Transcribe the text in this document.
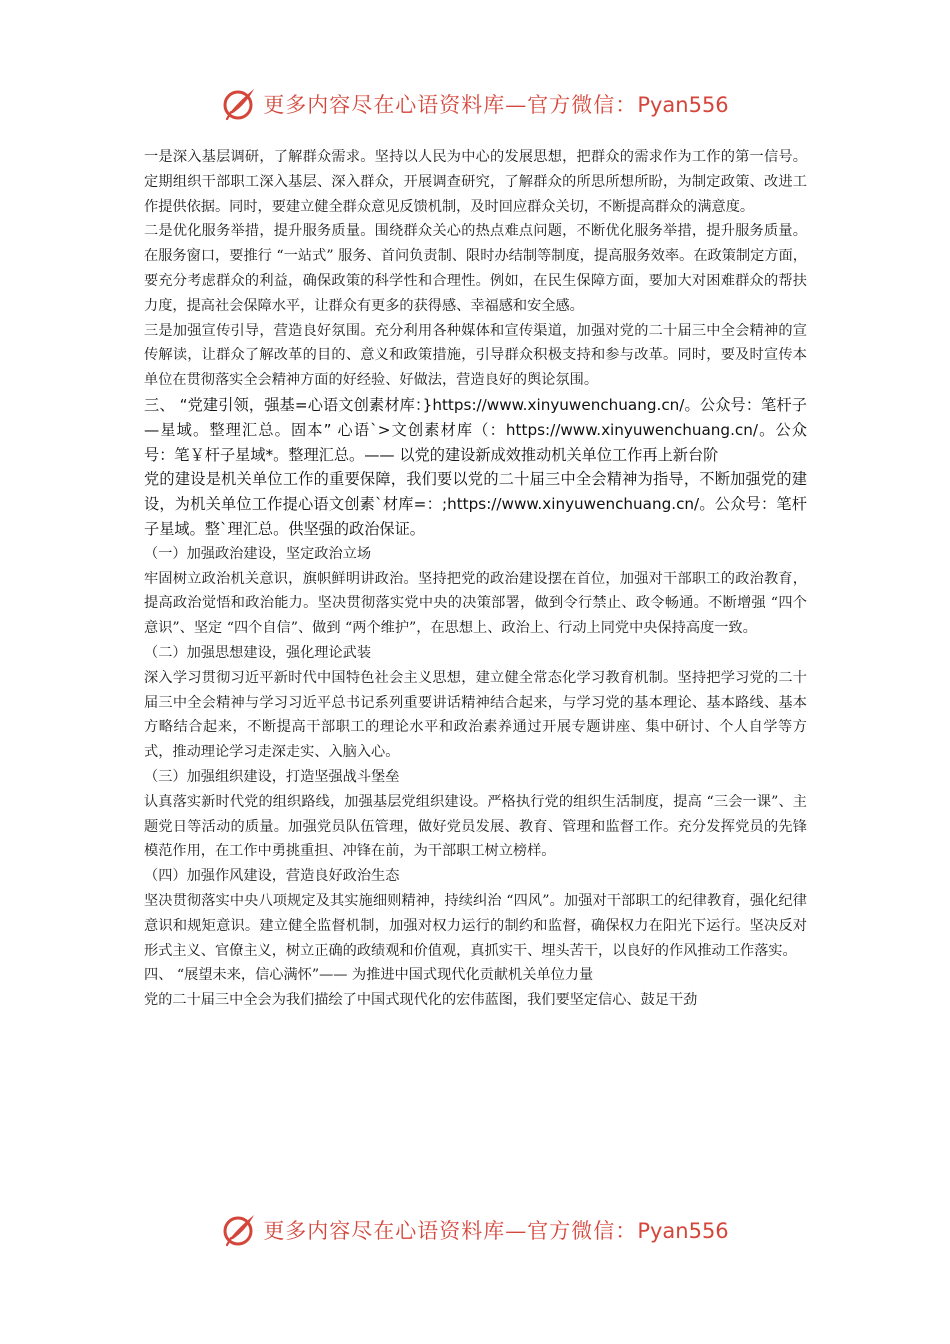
更多内容尽在心语资料库—官方微信：Pyan556

一是深入基层调研，了解群众需求。坚持以人民为中心的发展思想，把群众的需求作为工作的第一信号。定期组织干部职工深入基层、深入群众，开展调查研究，了解群众的所思所想所盼，为制定政策、改进工作提供依据。同时，要建立健全群众意见反馈机制，及时回应群众关切，不断提高群众的满意度。

二是优化服务举措，提升服务质量。围绕群众关心的热点难点问题，不断优化服务举措，提升服务质量。在服务窗口，要推行 “一站式” 服务、首问负责制、限时办结制等制度，提高服务效率。在政策制定方面，要充分考虑群众的利益，确保政策的科学性和合理性。例如，在民生保障方面，要加大对困难群众的帮扶力度，提高社会保障水平，让群众有更多的获得感、幸福感和安全感。

三是加强宣传引导，营造良好氛围。充分利用各种媒体和宣传渠道，加强对党的二十届三中全会精神的宣传解读，让群众了解改革的目的、意义和政策措施，引导群众积极支持和参与改革。同时，要及时宣传本单位在贯彻落实全会精神方面的好经验、好做法，营造良好的舆论氛围。

三、 “党建引领，强基=心语文创素材库：}https://www.xinyuwenchuang.cn/。公众号：笔杆子—星域。整理汇总。固本” 心语`>文创素材库（：https://www.xinyuwenchuang.cn/。公众号：笔￥杆子星域*。整理汇总。—— 以党的建设新成效推动机关单位工作再上新台阶

党的建设是机关单位工作的重要保障，我们要以党的二十届三中全会精神为指导，不断加强党的建设，为机关单位工作提心语文创素`材库=：;https://www.xinyuwenchuang.cn/。公众号：笔杆子星域。整`理汇总。供坚强的政治保证。

（一）加强政治建设，坚定政治立场

牢固树立政治机关意识，旗帜鲜明讲政治。坚持把党的政治建设摆在首位，加强对干部职工的政治教育，提高政治觉悟和政治能力。坚决贯彻落实党中央的决策部署，做到令行禁止、政令畅通。不断增强 “四个意识”、坚定 “四个自信”、做到 “两个维护”，在思想上、政治上、行动上同党中央保持高度一致。

（二）加强思想建设，强化理论武装

深入学习贯彻习近平新时代中国特色社会主义思想，建立健全常态化学习教育机制。坚持把学习党的二十届三中全会精神与学习习近平总书记系列重要讲话精神结合起来，与学习党的基本理论、基本路线、基本方略结合起来，不断提高干部职工的理论水平和政治素养通过开展专题讲座、集中研讨、个人自学等方式，推动理论学习走深走实、入脑入心。

（三）加强组织建设，打造坚强战斗堡垒

认真落实新时代党的组织路线，加强基层党组织建设。严格执行党的组织生活制度，提高 “三会一课”、主题党日等活动的质量。加强党员队伍管理，做好党员发展、教育、管理和监督工作。充分发挥党员的先锋模范作用，在工作中勇挑重担、冲锋在前，为干部职工树立榜样。

（四）加强作风建设，营造良好政治生态

坚决贯彻落实中央八项规定及其实施细则精神，持续纠治 “四风”。加强对干部职工的纪律教育，强化纪律意识和规矩意识。建立健全监督机制，加强对权力运行的制约和监督，确保权力在阳光下运行。坚决反对形式主义、官僚主义，树立正确的政绩观和价值观，真抓实干、埋头苦干，以良好的作风推动工作落实。

四、 “展望未来，信心满怀”—— 为推进中国式现代化贡献机关单位力量

党的二十届三中全会为我们描绘了中国式现代化的宏伟蓝图，我们要坚定信心、鼓足干劲

更多内容尽在心语资料库—官方微信：Pyan556
